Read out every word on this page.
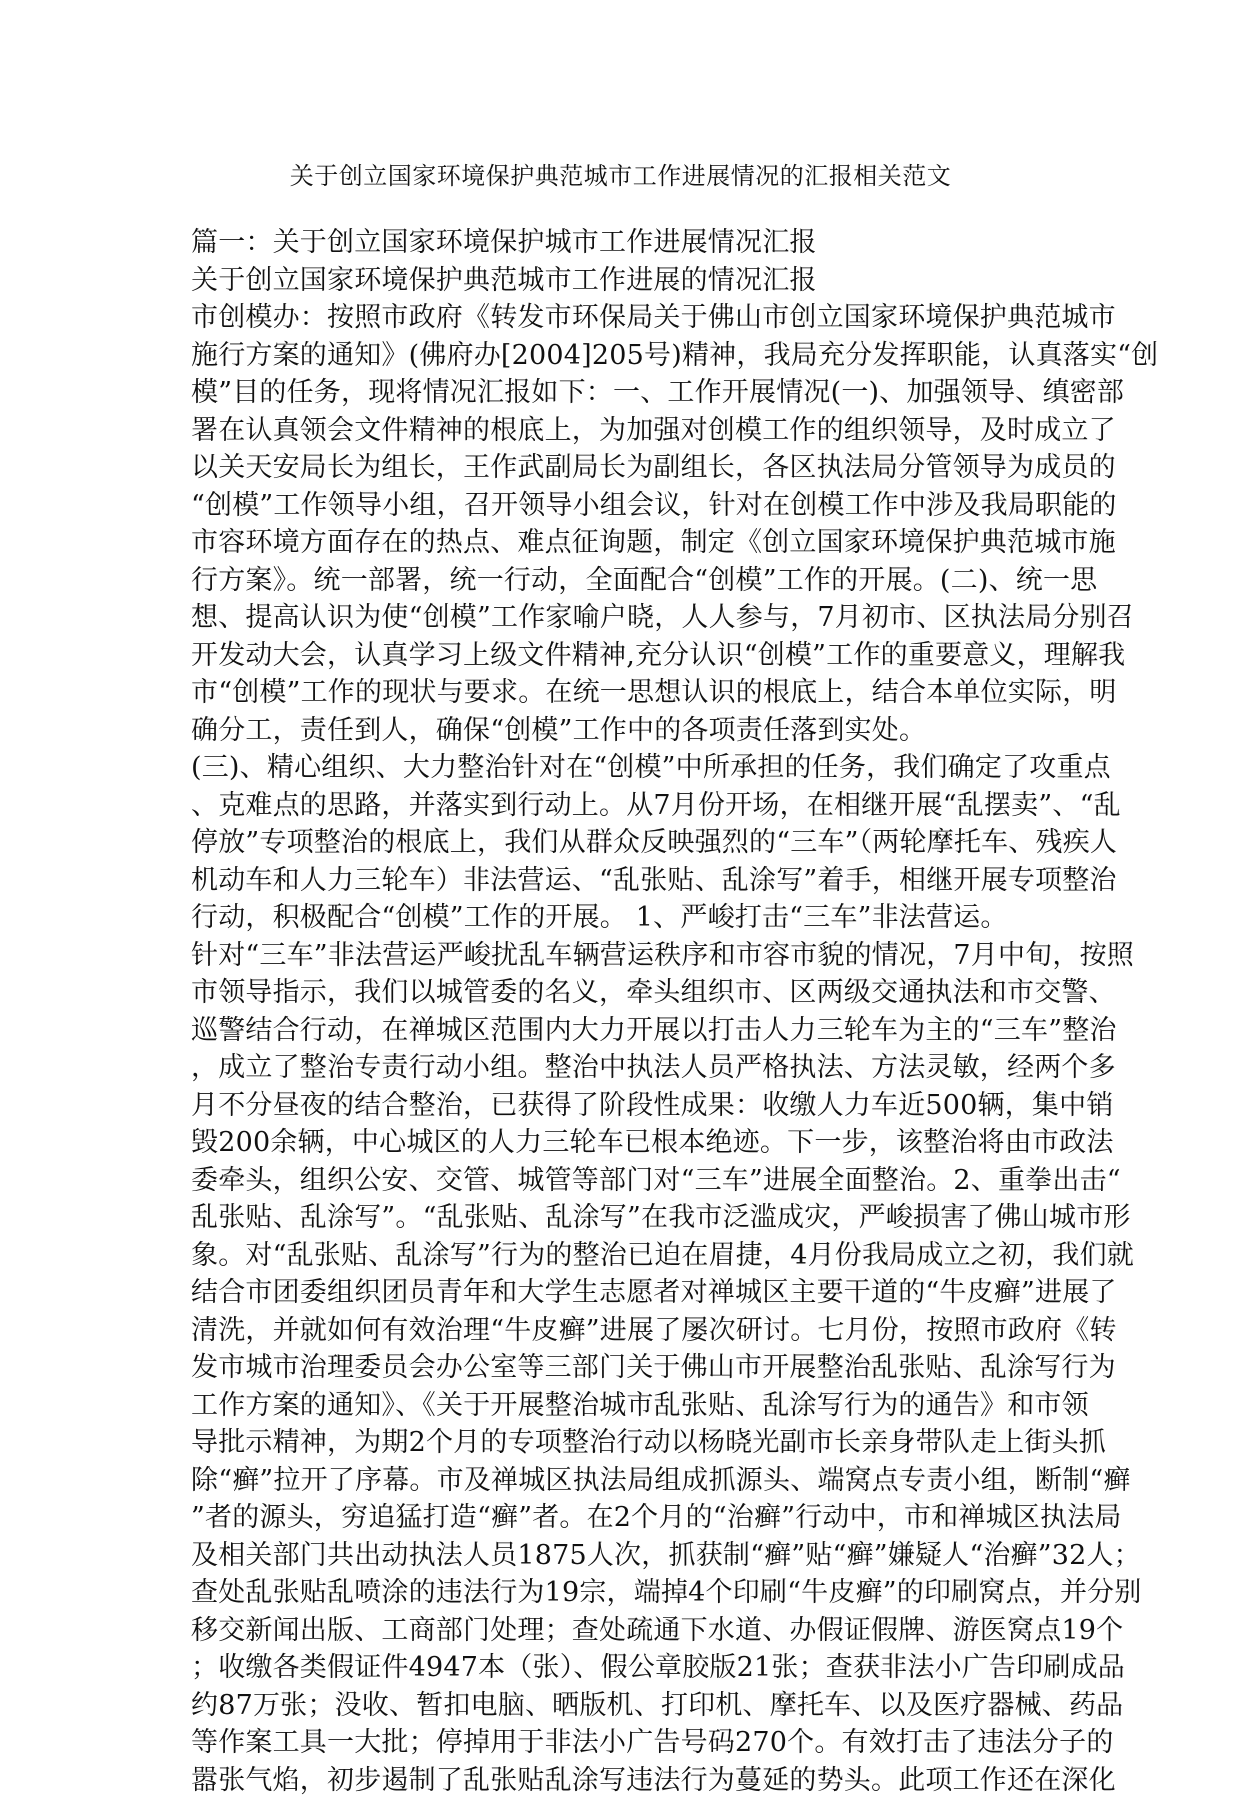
关于创立国家环境保护典范城市工作进展情况的汇报相关范文
篇一：关于创立国家环境保护城市工作进展情况汇报
关于创立国家环境保护典范城市工作进展的情况汇报
市创模办：按照市政府《转发市环保局关于佛山市创立国家环境保护典范城市
施行方案的通知》(佛府办[2004]205号)精神，我局充分发挥职能，认真落实“创
模”目的任务，现将情况汇报如下：一、工作开展情况(一)、加强领导、缜密部
署在认真领会文件精神的根底上，为加强对创模工作的组织领导，及时成立了
以关天安局长为组长，王作武副局长为副组长，各区执法局分管领导为成员的
“创模”工作领导小组，召开领导小组会议，针对在创模工作中涉及我局职能的
市容环境方面存在的热点、难点征询题，制定《创立国家环境保护典范城市施
行方案》。统一部署，统一行动，全面配合“创模”工作的开展。(二)、统一思
想、提高认识为使“创模”工作家喻户晓，人人参与，7月初市、区执法局分别召
开发动大会，认真学习上级文件精神,充分认识“创模”工作的重要意义，理解我
市“创模”工作的现状与要求。在统一思想认识的根底上，结合本单位实际，明
确分工，责任到人，确保“创模”工作中的各项责任落到实处。
(三)、精心组织、大力整治针对在“创模”中所承担的任务，我们确定了攻重点
、克难点的思路，并落实到行动上。从7月份开场，在相继开展“乱摆卖”、“乱
停放”专项整治的根底上，我们从群众反映强烈的“三车”（两轮摩托车、残疾人
机动车和人力三轮车）非法营运、“乱张贴、乱涂写”着手，相继开展专项整治
行动，积极配合“创模”工作的开展。 1、严峻打击“三车”非法营运。
针对“三车”非法营运严峻扰乱车辆营运秩序和市容市貌的情况，7月中旬，按照
市领导指示，我们以城管委的名义，牵头组织市、区两级交通执法和市交警、
巡警结合行动，在禅城区范围内大力开展以打击人力三轮车为主的“三车”整治
，成立了整治专责行动小组。整治中执法人员严格执法、方法灵敏，经两个多
月不分昼夜的结合整治，已获得了阶段性成果：收缴人力车近500辆，集中销
毁200余辆，中心城区的人力三轮车已根本绝迹。下一步，该整治将由市政法
委牵头，组织公安、交管、城管等部门对“三车”进展全面整治。2、重拳出击“
乱张贴、乱涂写”。“乱张贴、乱涂写”在我市泛滥成灾，严峻损害了佛山城市形
象。对“乱张贴、乱涂写”行为的整治已迫在眉捷，4月份我局成立之初，我们就
结合市团委组织团员青年和大学生志愿者对禅城区主要干道的“牛皮癣”进展了
清洗，并就如何有效治理“牛皮癣”进展了屡次研讨。七月份，按照市政府《转
发市城市治理委员会办公室等三部门关于佛山市开展整治乱张贴、乱涂写行为
工作方案的通知》、《关于开展整治城市乱张贴、乱涂写行为的通告》和市领
导批示精神，为期2个月的专项整治行动以杨晓光副市长亲身带队走上街头抓
除“癣”拉开了序幕。市及禅城区执法局组成抓源头、端窝点专责小组，断制“癣
”者的源头，穷追猛打造“癣”者。在2个月的“治癣”行动中，市和禅城区执法局
及相关部门共出动执法人员1875人次，抓获制“癣”贴“癣”嫌疑人“治癣”32人；
查处乱张贴乱喷涂的违法行为19宗，端掉4个印刷“牛皮癣”的印刷窝点，并分别
移交新闻出版、工商部门处理；查处疏通下水道、办假证假牌、游医窝点19个
；收缴各类假证件4947本（张）、假公章胶版21张；查获非法小广告印刷成品
约87万张；没收、暂扣电脑、晒版机、打印机、摩托车、以及医疗器械、药品
等作案工具一大批；停掉用于非法小广告号码270个。有效打击了违法分子的
嚣张气焰，初步遏制了乱张贴乱涂写违法行为蔓延的势头。此项工作还在深化
